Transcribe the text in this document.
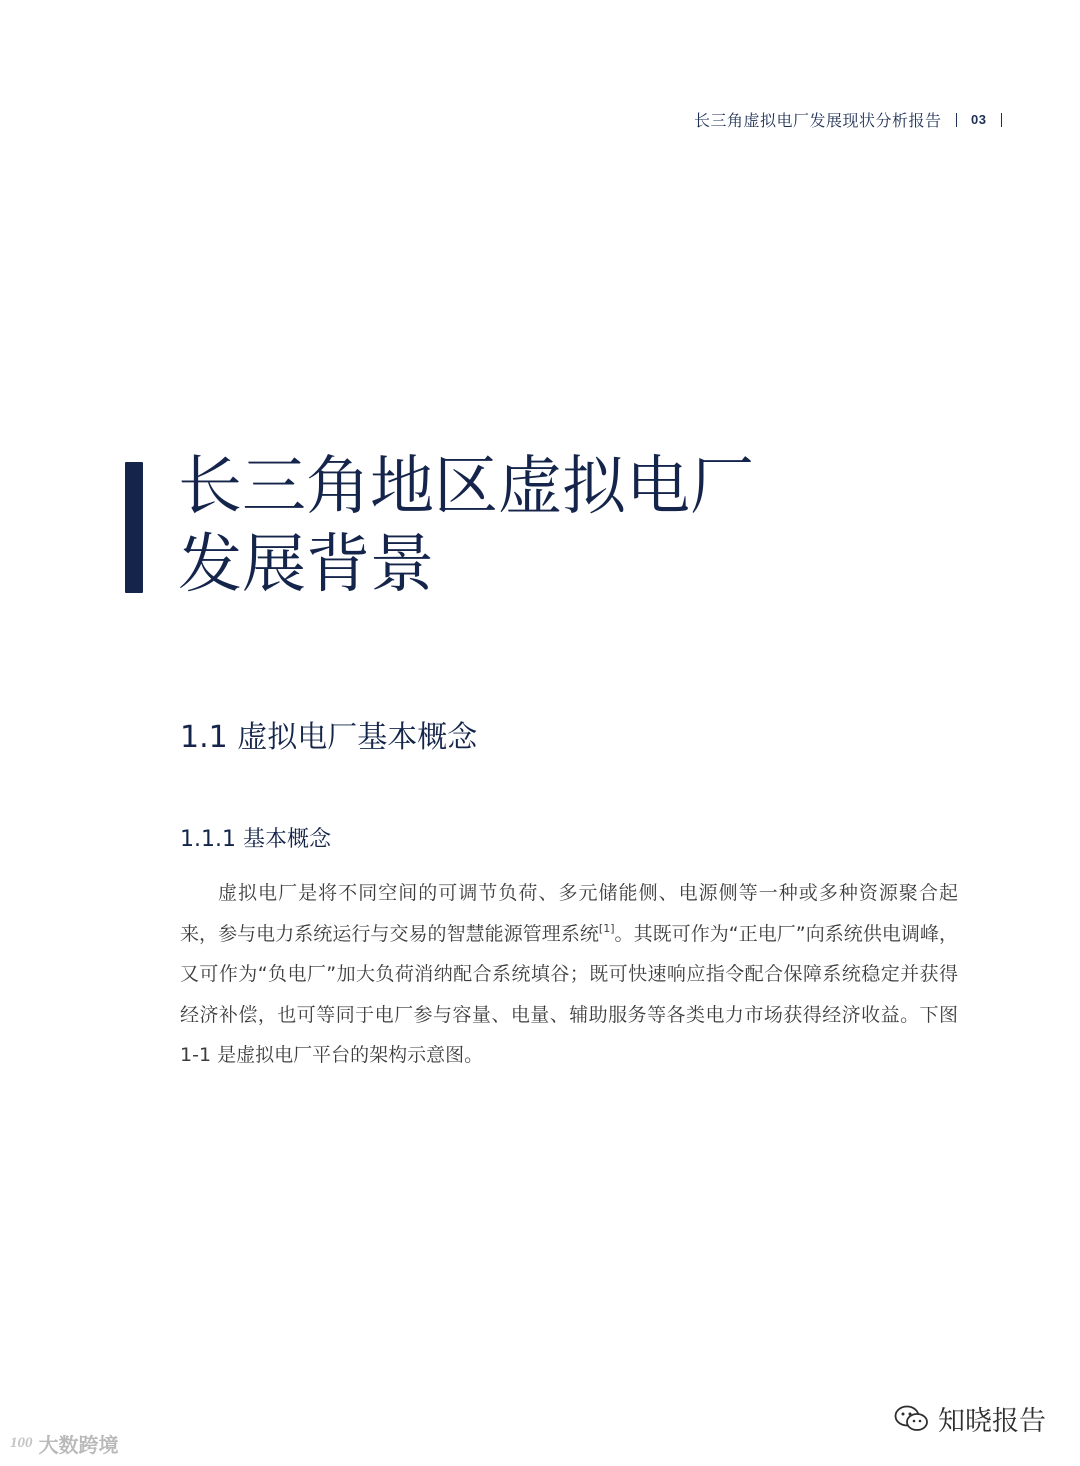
长三角虚拟电厂发展现状分析报告 03
长三角地区虚拟电厂
发展背景
1.1 虚拟电厂基本概念
1.1.1 基本概念

虚拟电厂是将不同空间的可调节负荷、多元储能侧、电源侧等一种或多种资源聚合起来，参与电力系统运行与交易的智慧能源管理系统[1]。其既可作为“正电厂”向系统供电调峰，又可作为“负电厂”加大负荷消纳配合系统填谷；既可快速响应指令配合保障系统稳定并获得经济补偿，也可等同于电厂参与容量、电量、辅助服务等各类电力市场获得经济收益。下图 1-1 是虚拟电厂平台的架构示意图。

100 大数跨境
知晓报告
